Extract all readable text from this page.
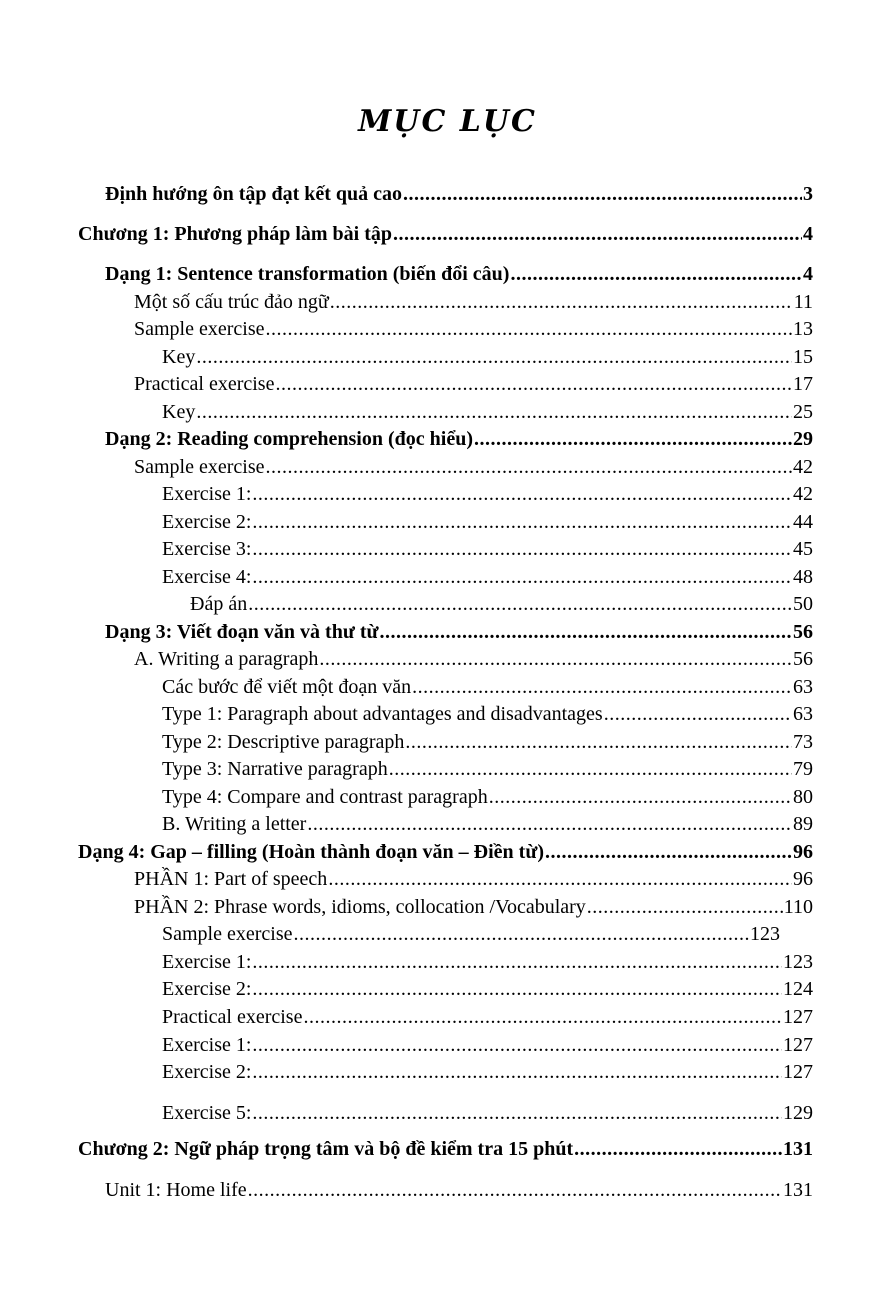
MỤC LỤC
Định hướng ôn tập đạt kết quả cao .....	3
Chương 1: Phương pháp làm bài tập .....	4
Dạng 1: Sentence transformation (biến đổi câu) .....	4
Một số cấu trúc đảo ngữ .....	11
Sample exercise .....	13
Key .....	15
Practical exercise .....	17
Key .....	25
Dạng 2: Reading comprehension (đọc hiểu) .....	29
Sample exercise .....	42
Exercise 1: .....	42
Exercise 2: .....	44
Exercise 3: .....	45
Exercise 4: .....	48
Đáp án .....	50
Dạng 3: Viết đoạn văn và thư từ .....	56
A. Writing a paragraph .....	56
Các bước để viết một đoạn văn .....	63
Type 1: Paragraph about advantages and disadvantages .....	63
Type 2: Descriptive paragraph .....	73
Type 3: Narrative paragraph .....	79
Type 4: Compare and contrast paragraph .....	80
B. Writing a letter .....	89
Dạng 4: Gap – filling (Hoàn thành đoạn văn – Điền từ) .....	96
PHẦN 1: Part of speech .....	96
PHẦN 2: Phrase words, idioms, collocation /Vocabulary .....	110
Sample exercise .....	123
Exercise 1: .....	123
Exercise 2: .....	124
Practical exercise .....	127
Exercise 1: .....	127
Exercise 2: .....	127
Exercise 5: .....	129
Chương 2: Ngữ pháp trọng tâm và bộ đề kiểm tra 15 phút .....	131
Unit 1: Home life .....	131
